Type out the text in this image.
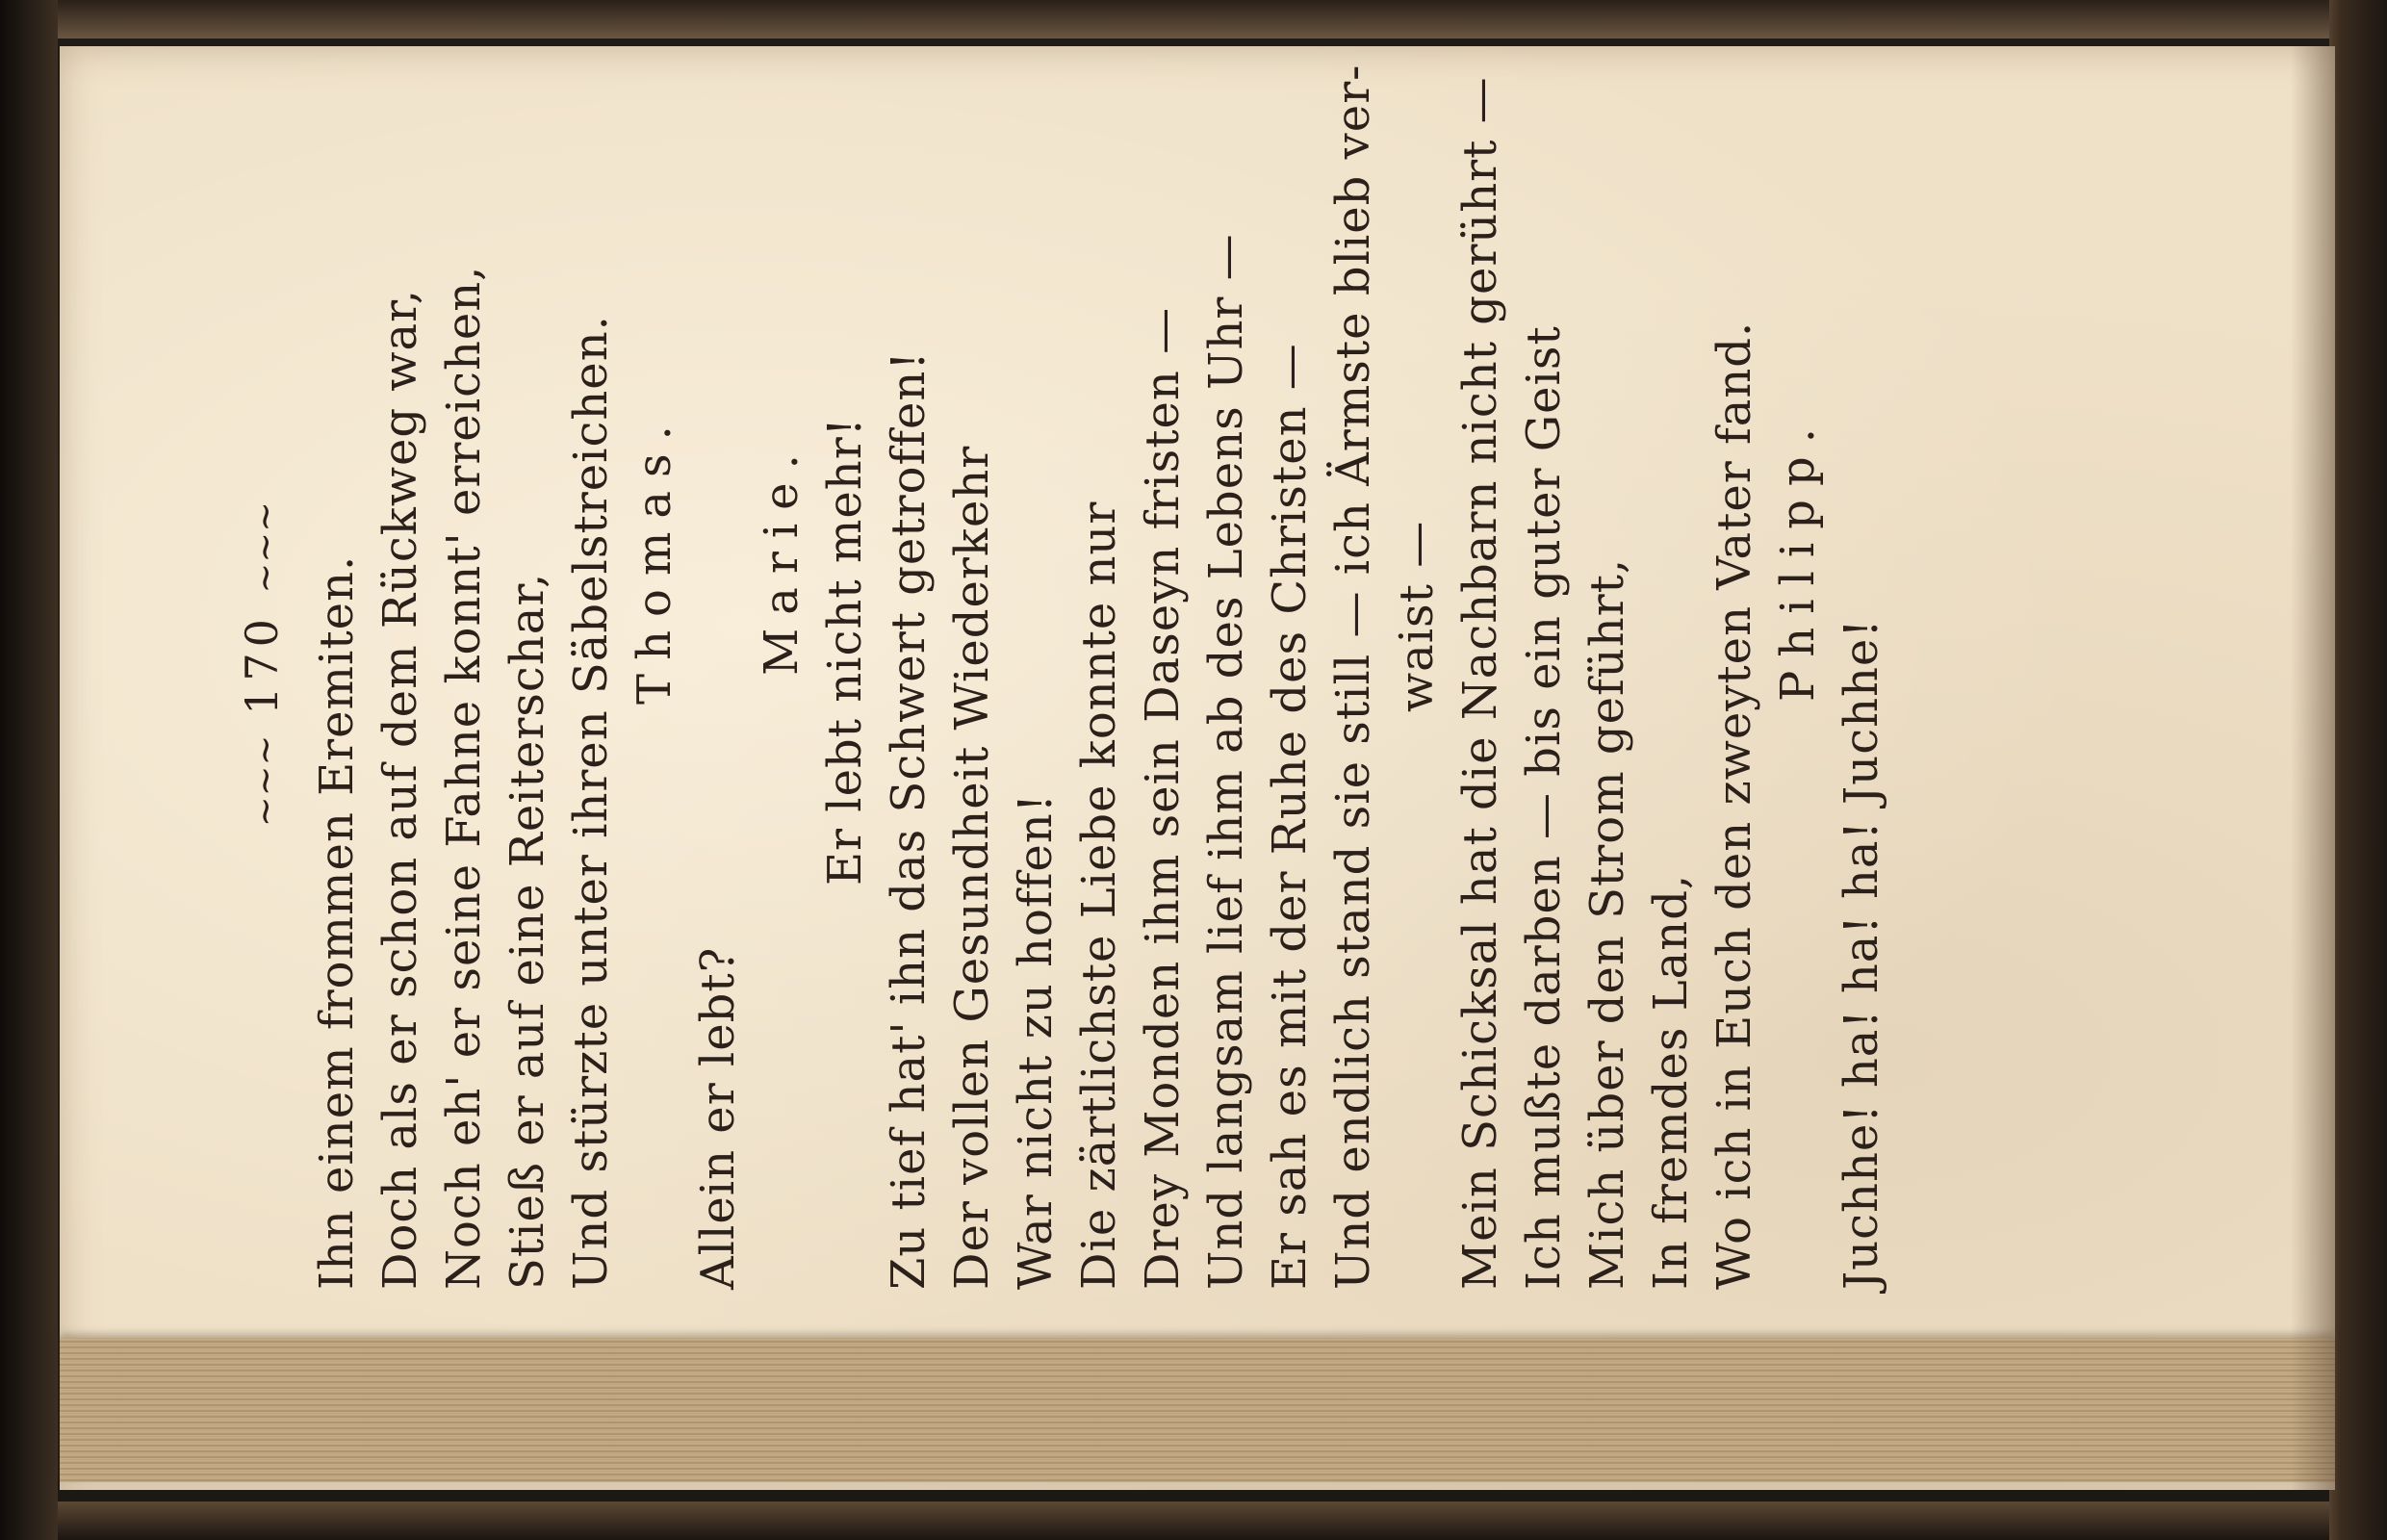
~~~ 170 ~~~
Ihn einem frommen Eremiten. Doch als er schon auf dem Rückweg war, Noch eh' er seine Fahne konnt' erreichen, Stieß er auf eine Reiterschar, Und stürzte unter ihren Säbelstreichen. Thomas.
Allein er lebt?
Marie. Er lebt nicht mehr! Zu tief hat' ihn das Schwert getroffen! Der vollen Gesundheit Wiederkehr War nicht zu hoffen! Die zärtlichste Liebe konnte nur Drey Monden ihm sein Daseyn fristen — Und langsam lief ihm ab des Lebens Uhr — Er sah es mit der Ruhe des Christen — Und endlich stand sie still — ich Ärmste blieb ver- waist — Mein Schicksal hat die Nachbarn nicht gerührt — Ich mußte darben — bis ein guter Geist Mich über den Strom geführt, In fremdes Land, Wo ich in Euch den zweyten Vater fand. Philipp.
Juchhe! ha! ha! ha! Juchhe!
